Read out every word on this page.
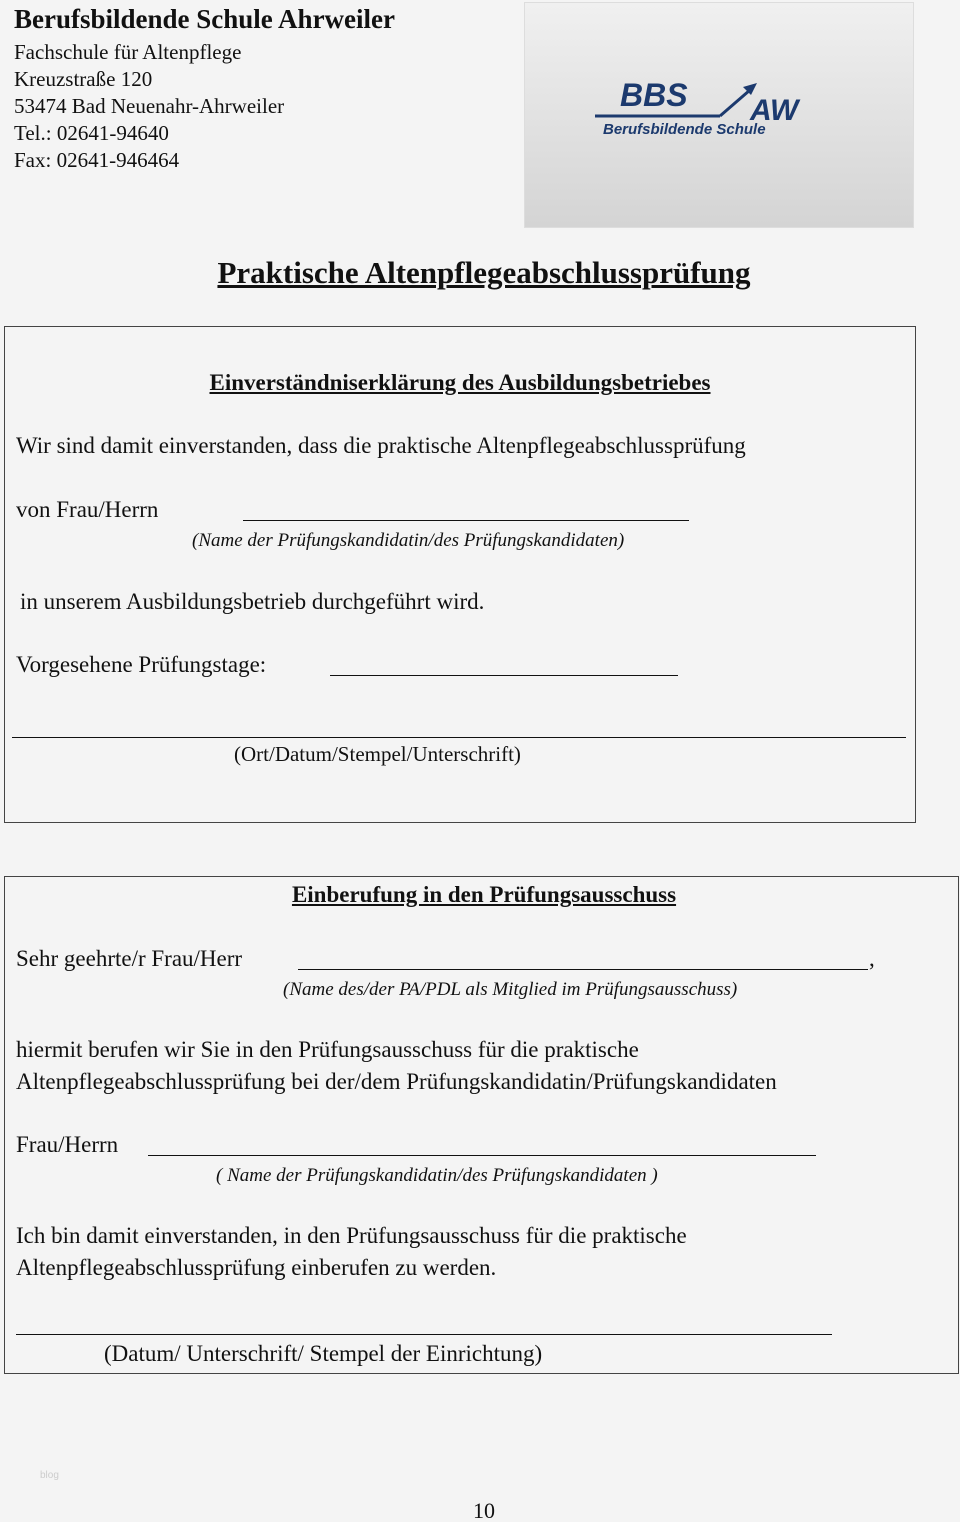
Berufsbildende Schule Ahrweiler
Fachschule für Altenpflege
Kreuzstraße 120
53474 Bad Neuenahr-Ahrweiler
Tel.: 02641-94640
Fax: 02641-946464
BBS AW
Berufsbildende Schule
Praktische Altenpflegeabschlussprüfung
Einverständniserklärung des Ausbildungsbetriebes
Wir sind damit einverstanden, dass die praktische Altenpflegeabschlussprüfung
von Frau/Herrn
(Name der Prüfungskandidatin/des Prüfungskandidaten)
in unserem Ausbildungsbetrieb durchgeführt wird.
Vorgesehene Prüfungstage:
(Ort/Datum/Stempel/Unterschrift)
Einberufung in den Prüfungsausschuss
Sehr geehrte/r Frau/Herr	,
(Name des/der PA/PDL als Mitglied im Prüfungsausschuss)
hiermit berufen wir Sie in den Prüfungsausschuss für die praktische
Altenpflegeabschlussprüfung bei der/dem Prüfungskandidatin/Prüfungskandidaten
Frau/Herrn
( Name der Prüfungskandidatin/des Prüfungskandidaten )
Ich bin damit einverstanden, in den Prüfungsausschuss für die praktische
Altenpflegeabschlussprüfung einberufen zu werden.
(Datum/ Unterschrift/ Stempel der Einrichtung)
blog
10
